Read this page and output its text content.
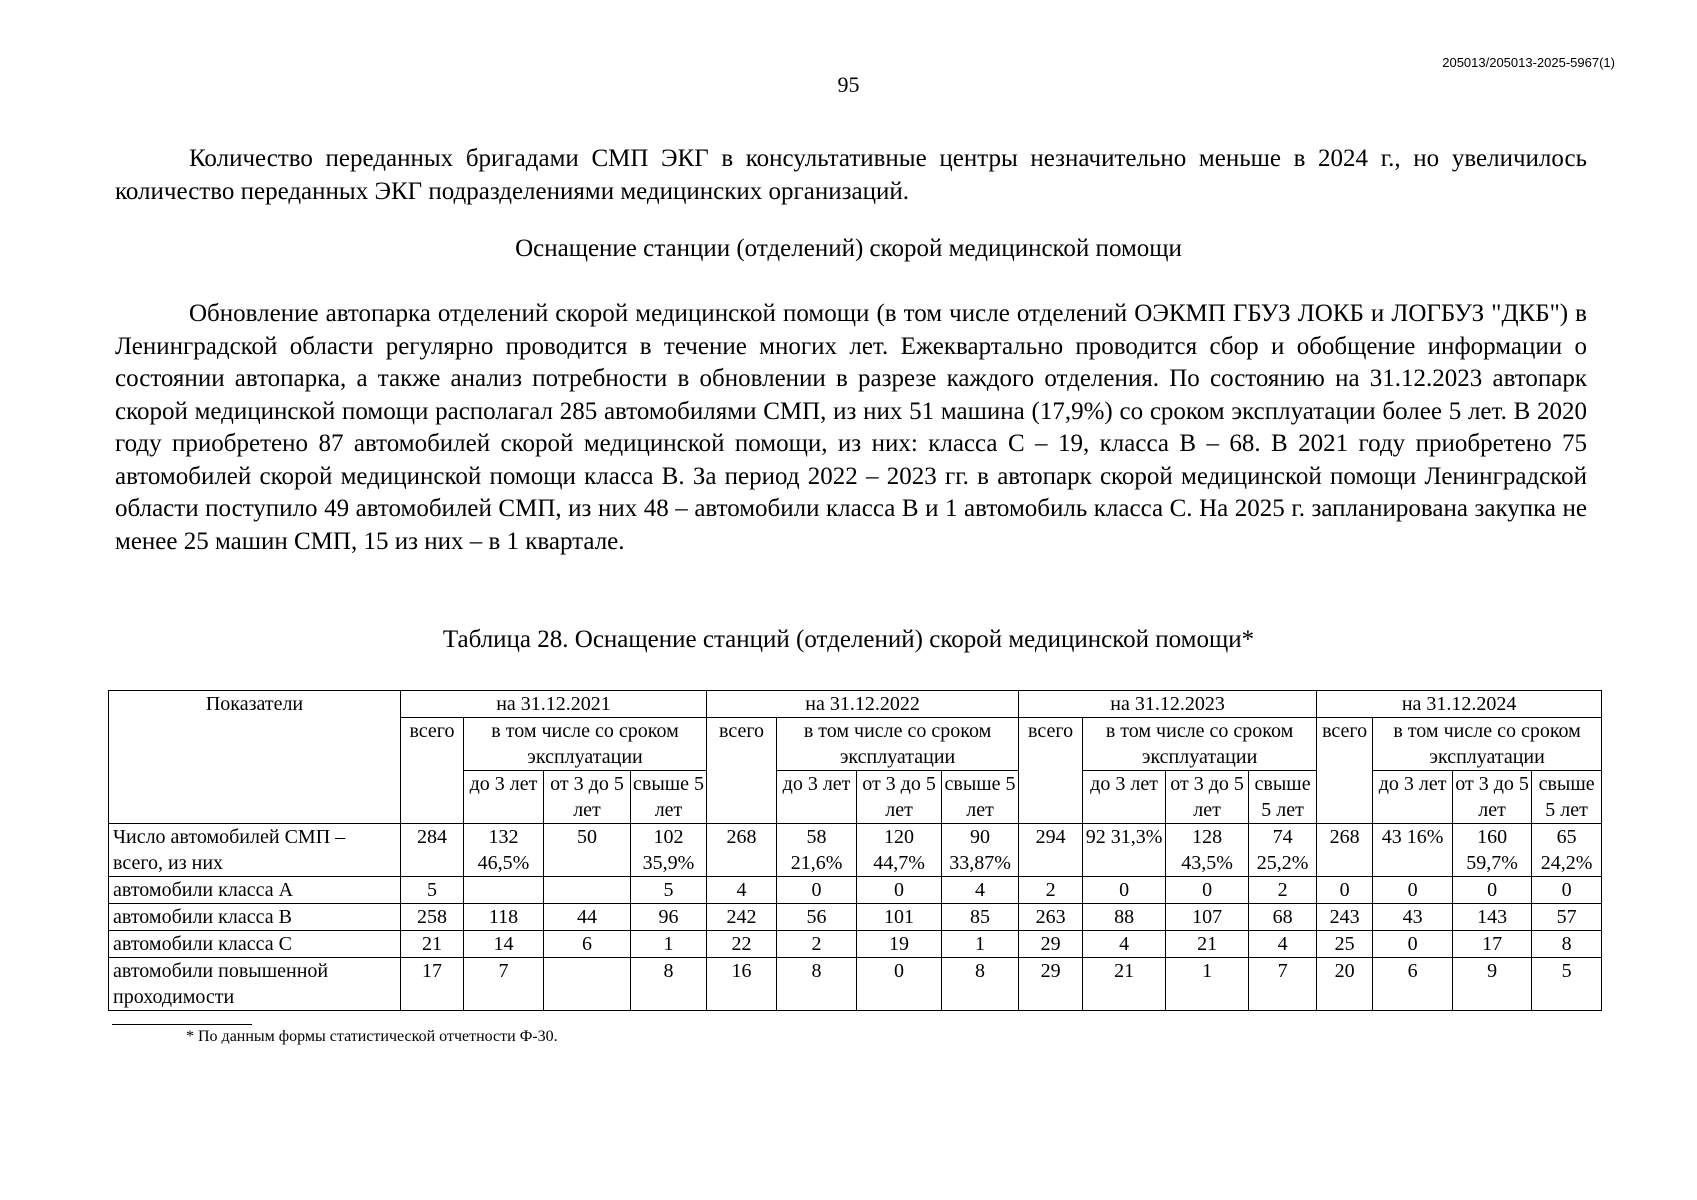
205013/205013-2025-5967(1)
95

Количество переданных бригадами СМП ЭКГ в консультативные центры незначительно меньше в 2024 г., но увеличилось количество переданных ЭКГ подразделениями медицинских организаций.

Оснащение станции (отделений) скорой медицинской помощи

Обновление автопарка отделений скорой медицинской помощи (в том числе отделений ОЭКМП ГБУЗ ЛОКБ и ЛОГБУЗ "ДКБ") в Ленинградской области регулярно проводится в течение многих лет. Ежеквартально проводится сбор и обобщение информации о состоянии автопарка, а также анализ потребности в обновлении в разрезе каждого отделения. По состоянию на 31.12.2023 автопарк скорой медицинской помощи располагал 285 автомобилями СМП, из них 51 машина (17,9%) со сроком эксплуатации более 5 лет. В 2020 году приобретено 87 автомобилей скорой медицинской помощи, из них: класса С – 19, класса В – 68. В 2021 году приобретено 75 автомобилей скорой медицинской помощи класса В. За период 2022 – 2023 гг. в автопарк скорой медицинской помощи Ленинградской области поступило 49 автомобилей СМП, из них 48 – автомобили класса В и 1 автомобиль класса С. На 2025 г. запланирована закупка не менее 25 машин СМП, 15 из них – в 1 квартале.

Таблица 28. Оснащение станций (отделений) скорой медицинской помощи*
Показатели	на 31.12.2021				на 31.12.2022				на 31.12.2023				на 31.12.2024			
	всего	в том числе со сроком эксплуатации			всего	в том числе со сроком эксплуатации			всего	в том числе со сроком эксплуатации			всего	в том числе со сроком эксплуатации		
		до 3 лет	от 3 до 5 лет	свыше 5 лет		до 3 лет	от 3 до 5 лет	свыше 5 лет		до 3 лет	от 3 до 5 лет	свыше 5 лет		до 3 лет	от 3 до 5 лет	свыше 5 лет
Число автомобилей СМП – всего, из них	284	132 46,5%	50	102 35,9%	268	58 21,6%	120 44,7%	90 33,87%	294	92 31,3%	128 43,5%	74 25,2%	268	43 16%	160 59,7%	65 24,2%
автомобили класса А	5			5	4	0	0	4	2	0	0	2	0	0	0	0
автомобили класса В	258	118	44	96	242	56	101	85	263	88	107	68	243	43	143	57
автомобили класса С	21	14	6	1	22	2	19	1	29	4	21	4	25	0	17	8
автомобили повышенной проходимости	17	7		8	16	8	0	8	29	21	1	7	20	6	9	5
* По данным формы статистической отчетности Ф-30.
